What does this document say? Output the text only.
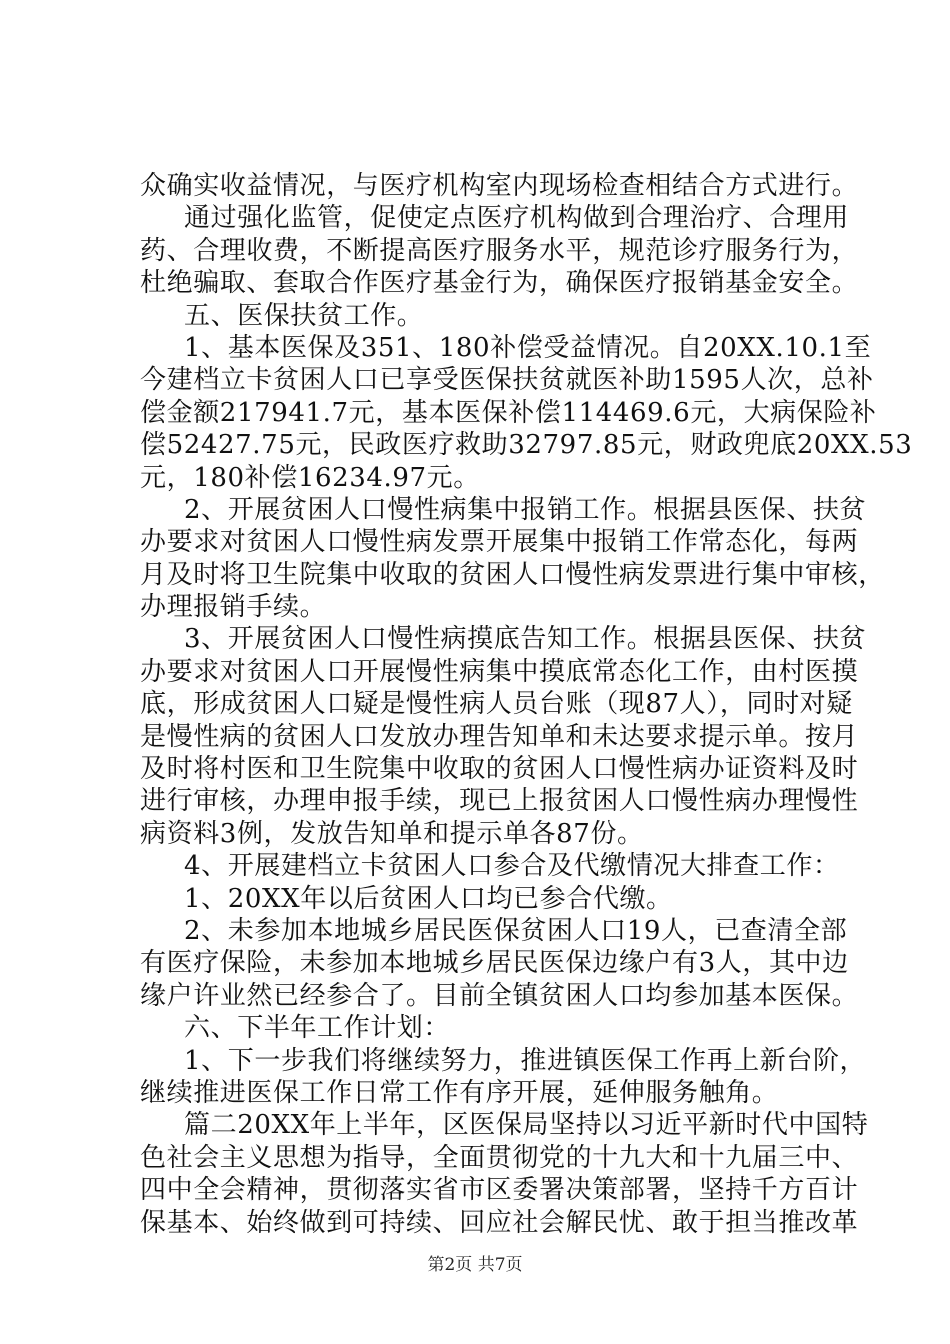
众确实收益情况，与医疗机构室内现场检查相结合方式进行。
通过强化监管，促使定点医疗机构做到合理治疗、合理用
药、合理收费，不断提高医疗服务水平，规范诊疗服务行为，
杜绝骗取、套取合作医疗基金行为，确保医疗报销基金安全。
五、医保扶贫工作。
1、基本医保及351、180补偿受益情况。自20XX.10.1至
今建档立卡贫困人口已享受医保扶贫就医补助1595人次，总补
偿金额217941.7元，基本医保补偿114469.6元，大病保险补
偿52427.75元，民政医疗救助32797.85元，财政兜底20XX.53
元，180补偿16234.97元。
2、开展贫困人口慢性病集中报销工作。根据县医保、扶贫
办要求对贫困人口慢性病发票开展集中报销工作常态化，每两
月及时将卫生院集中收取的贫困人口慢性病发票进行集中审核，
办理报销手续。
3、开展贫困人口慢性病摸底告知工作。根据县医保、扶贫
办要求对贫困人口开展慢性病集中摸底常态化工作，由村医摸
底，形成贫困人口疑是慢性病人员台账（现87人），同时对疑
是慢性病的贫困人口发放办理告知单和未达要求提示单。按月
及时将村医和卫生院集中收取的贫困人口慢性病办证资料及时
进行审核，办理申报手续，现已上报贫困人口慢性病办理慢性
病资料3例，发放告知单和提示单各87份。
4、开展建档立卡贫困人口参合及代缴情况大排查工作：
1、20XX年以后贫困人口均已参合代缴。
2、未参加本地城乡居民医保贫困人口19人，已查清全部
有医疗保险，未参加本地城乡居民医保边缘户有3人，其中边
缘户许业然已经参合了。目前全镇贫困人口均参加基本医保。
六、下半年工作计划：
1、下一步我们将继续努力，推进镇医保工作再上新台阶，
继续推进医保工作日常工作有序开展，延伸服务触角。
篇二20XX年上半年，区医保局坚持以习近平新时代中国特
色社会主义思想为指导，全面贯彻党的十九大和十九届三中、
四中全会精神，贯彻落实省市区委署决策部署，坚持千方百计
保基本、始终做到可持续、回应社会解民忧、敢于担当推改革
第2页 共7页
